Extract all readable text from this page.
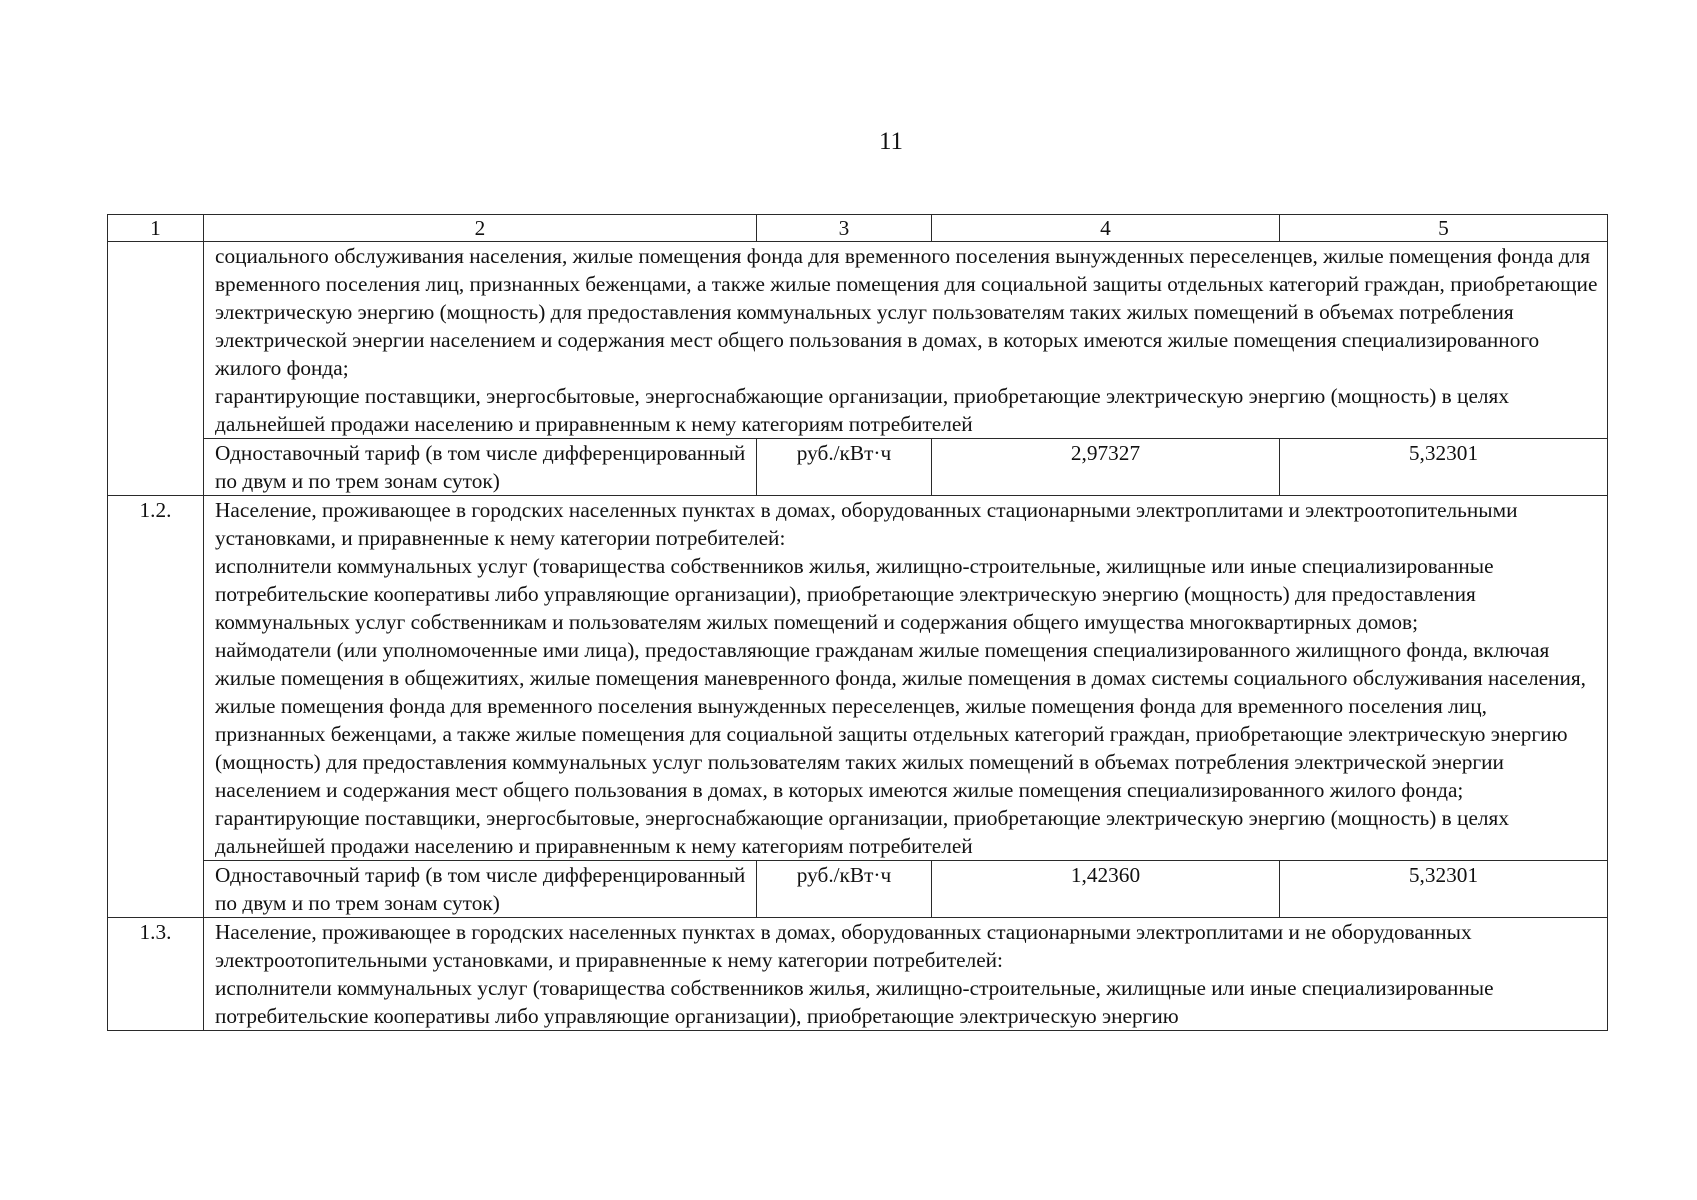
11
1	2	3	4	5

	социального обслуживания населения, жилые помещения фонда для временного поселения вынужденных переселенцев, жилые помещения фонда для временного поселения лиц, признанных беженцами, а также жилые помещения для социальной защиты отдельных категорий граждан, приобретающие электрическую энергию (мощность) для предоставления коммунальных услуг пользователям таких жилых помещений в объемах потребления электрической энергии населением и содержания мест общего пользования в домах, в которых имеются жилые помещения специализированного жилого фонда;
гарантирующие поставщики, энергосбытовые, энергоснабжающие организации, приобретающие электрическую энергию (мощность) в целях дальнейшей продажи населению и приравненным к нему категориям потребителей			

	Одноставочный тариф (в том числе дифференцированный по двум и по трем зонам суток)	руб./кВт·ч	2,97327	5,32301
1.2.	Население, проживающее в городских населенных пунктах в домах, оборудованных стационарными электроплитами и электроотопительными установками, и приравненные к нему категории потребителей:
исполнители коммунальных услуг (товарищества собственников жилья, жилищно-строительные, жилищные или иные специализированные потребительские кооперативы либо управляющие организации), приобретающие электрическую энергию (мощность) для предоставления коммунальных услуг собственникам и пользователям жилых помещений и содержания общего имущества многоквартирных домов;
наймодатели (или уполномоченные ими лица), предоставляющие гражданам жилые помещения специализированного жилищного фонда, включая жилые помещения в общежитиях, жилые помещения маневренного фонда, жилые помещения в домах системы социального обслуживания населения, жилые помещения фонда для временного поселения вынужденных переселенцев, жилые помещения фонда для временного поселения лиц, признанных беженцами, а также жилые помещения для социальной защиты отдельных категорий граждан, приобретающие электрическую энергию (мощность) для предоставления коммунальных услуг пользователям таких жилых помещений в объемах потребления электрической энергии населением и содержания мест общего пользования в домах, в которых имеются жилые помещения специализированного жилого фонда;
гарантирующие поставщики, энергосбытовые, энергоснабжающие организации, приобретающие электрическую энергию (мощность) в целях дальнейшей продажи населению и приравненным к нему категориям потребителей			

	Одноставочный тариф (в том числе дифференцированный по двум и по трем зонам суток)	руб./кВт·ч	1,42360	5,32301
1.3.	Население, проживающее в городских населенных пунктах в домах, оборудованных стационарными электроплитами и не оборудованных электроотопительными установками, и приравненные к нему категории потребителей:
исполнители коммунальных услуг (товарищества собственников жилья, жилищно-строительные, жилищные или иные специализированные потребительские кооперативы либо управляющие организации), приобретающие электрическую энергию			
